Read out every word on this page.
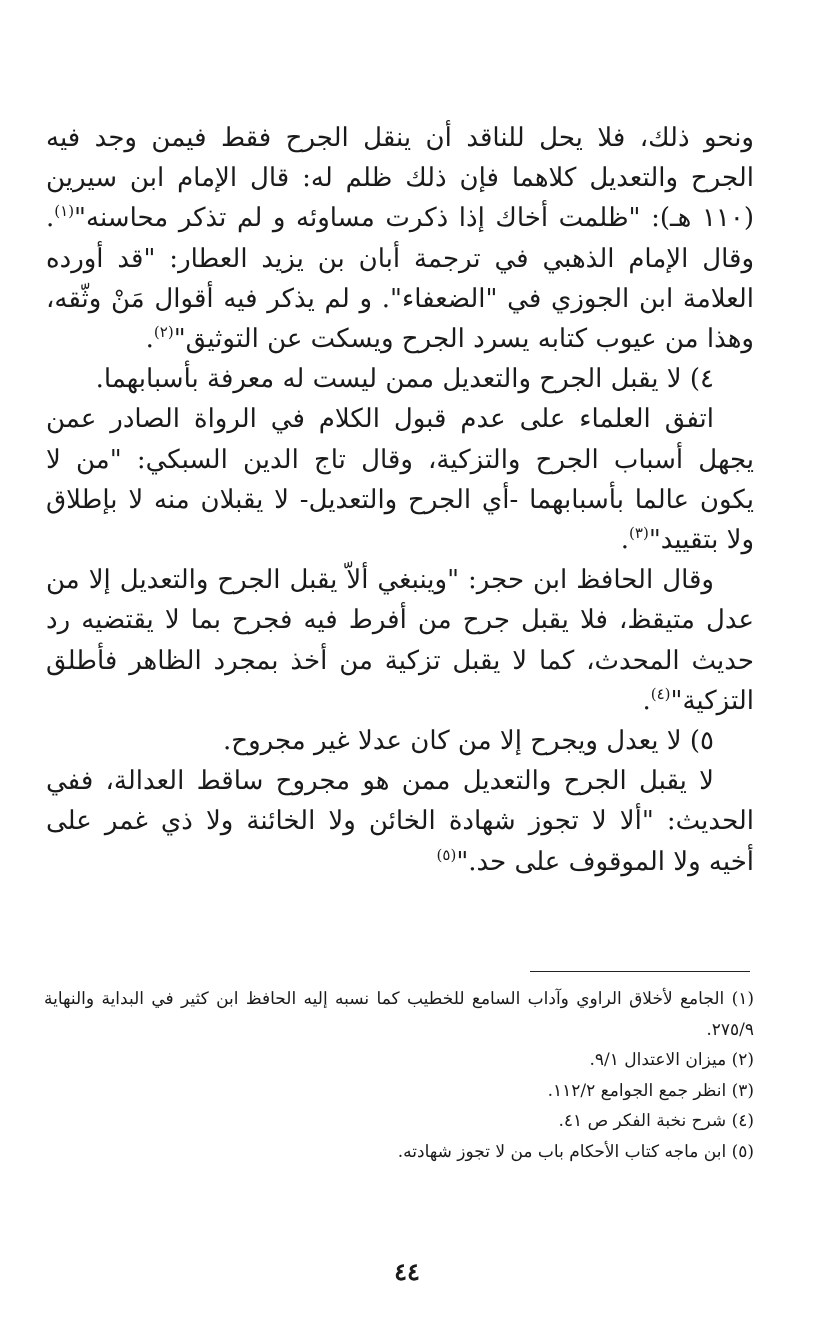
ونحو ذلك، فلا يحل للناقد أن ينقل الجرح فقط فيمن وجد فيه الجرح والتعديل كلاهما فإن ذلك ظلم له: قال الإمام ابن سيرين (١١٠ هـ): "ظلمت أخاك إذا ذكرت مساوئه و لم تذكر محاسنه"$^{(١)}$. وقال الإمام الذهبي في ترجمة أبان بن يزيد العطار: "قد أورده العلامة ابن الجوزي في "الضعفاء". و لم يذكر فيه أقوال مَنْ وثّقه، وهذا من عيوب كتابه يسرد الجرح ويسكت عن التوثيق"$^{(٢)}$.

٤) لا يقبل الجرح والتعديل ممن ليست له معرفة بأسبابهما.

اتفق العلماء على عدم قبول الكلام في الرواة الصادر عمن يجهل أسباب الجرح والتزكية، وقال تاج الدين السبكي: "من لا يكون عالما بأسبابهما -أي الجرح والتعديل- لا يقبلان منه لا بإطلاق ولا بتقييد"$^{(٣)}$.

وقال الحافظ ابن حجر: "وينبغي ألاّ يقبل الجرح والتعديل إلا من عدل متيقظ، فلا يقبل جرح من أفرط فيه فجرح بما لا يقتضيه رد حديث المحدث، كما لا يقبل تزكية من أخذ بمجرد الظاهر فأطلق التزكية"$^{(٤)}$.

٥) لا يعدل ويجرح إلا من كان عدلا غير مجروح.

لا يقبل الجرح والتعديل ممن هو مجروح ساقط العدالة، ففي الحديث: "ألا لا تجوز شهادة الخائن ولا الخائنة ولا ذي غمر على أخيه ولا الموقوف على حد."$^{(٥)}$

(١) الجامع لأخلاق الراوي وآداب السامع للخطيب كما نسبه إليه الحافظ ابن كثير في البداية والنهاية ٢٧٥/٩.

(٢) ميزان الاعتدال ٩/١.

(٣) انظر جمع الجوامع ١١٢/٢.

(٤) شرح نخبة الفكر ص ٤١.

(٥) ابن ماجه كتاب الأحكام باب من لا تجوز شهادته.

٤٤
